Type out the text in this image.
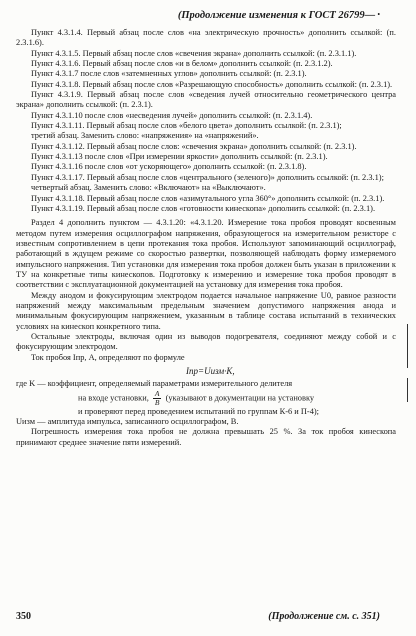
(Продолжение изменения к ГОСТ 26799— •

Пункт 4.3.1.4. Первый абзац после слов «на электрическую прочность» дополнить ссылкой: (п. 2.3.1.6).

Пункт 4.3.1.5. Первый абзац после слов «свечения экрана» дополнить ссылкой: (п. 2.3.1.1).

Пункт 4.3.1.6. Первый абзац после слов «и в белом» дополнить ссылкой: (п. 2.3.1.2).

Пункт 4.3.1.7 после слов «затемненных углов» дополнить ссылкой: (п. 2.3.1).

Пункт 4.3.1.8. Первый абзац после слов «Разрешающую способность» дополнить ссылкой: (п. 2.3.1).

Пункт 4.3.1.9. Первый абзац после слов «сведения лучей относительно геометрического центра экрана» дополнить ссылкой: (п. 2.3.1).

Пункт 4.3.1.10 после слов «несведения лучей» дополнить ссылкой: (п. 2.3.1.4).

Пункт 4.3.1.11. Первый абзац после слов «белого цвета» дополнить ссылкой: (п. 2.3.1);

третий абзац. Заменить слово: «напряжения» на «напряжений».

Пункт 4.3.1.12. Первый абзац после слов: «свечения экрана» дополнить ссылкой: (п. 2.3.1).

Пункт 4.3.1.13 после слов «При измерении яркости» дополнить ссылкой: (п. 2.3.1).

Пункт 4.3.1.16 после слов «от ускоряющего» дополнить ссылкой: (п. 2.3.1.8).

Пункт 4.3.1.17. Первый абзац после слов «центрального (зеленого)» дополнить ссылкой: (п. 2.3.1);

четвертый абзац. Заменить слово: «Включают» на «Выключают».

Пункт 4.3.1.18. Первый абзац после слов «азимутального угла 360°» дополнить ссылкой: (п. 2.3.1).

Пункт 4.3.1.19. Первый абзац после слов «готовности кинескопа» дополнить ссылкой: (п. 2.3.1).

Раздел 4 дополнить пунктом — 4.3.1.20: «4.3.1.20. Измерение тока пробоя проводят косвенным методом путем измерения осциллографом напряжения, образующегося на измерительном резисторе с известным сопротивлением в цепи протекания тока пробоя. Используют запоминающий осциллограф, работающий в ждущем режиме со скоростью развертки, позволяющей наблюдать форму измеряемого импульсного напряжения. Тип установки для измерения тока пробоя должен быть указан в приложении к ТУ на конкретные типы кинескопов. Подготовку к измерению и измерение тока пробоя проводят в соответствии с эксплуатационной документацией на установку для измерения тока пробоя.

Между анодом и фокусирующим электродом подается начальное напряжение U0, равное разности напряжений между максимальным предельным значением допустимого напряжения анода и минимальным фокусирующим напряжением, указанным в таблице состава испытаний в технических условиях на кинескоп конкретного типа.

Остальные электроды, включая один из выводов подогревателя, соединяют между собой и с фокусирующим электродом.

Ток пробоя Iпр, А, определяют по формуле

Iпр=Uизм·K,
где K — коэффициент, определяемый параметрами измерительного делителя
на входе установки, $\frac{A}{B}$ (указывают в документации на установку
и проверяют перед проведением испытаний по группам К-6 и П-4);

Uизм — амплитуда импульса, записанного осциллографом, В.

Погрешность измерения тока пробоя не должна превышать 25 %. За ток пробоя кинескопа принимают среднее значение пяти измерений.

350	(Продолжение см. с. 351)
